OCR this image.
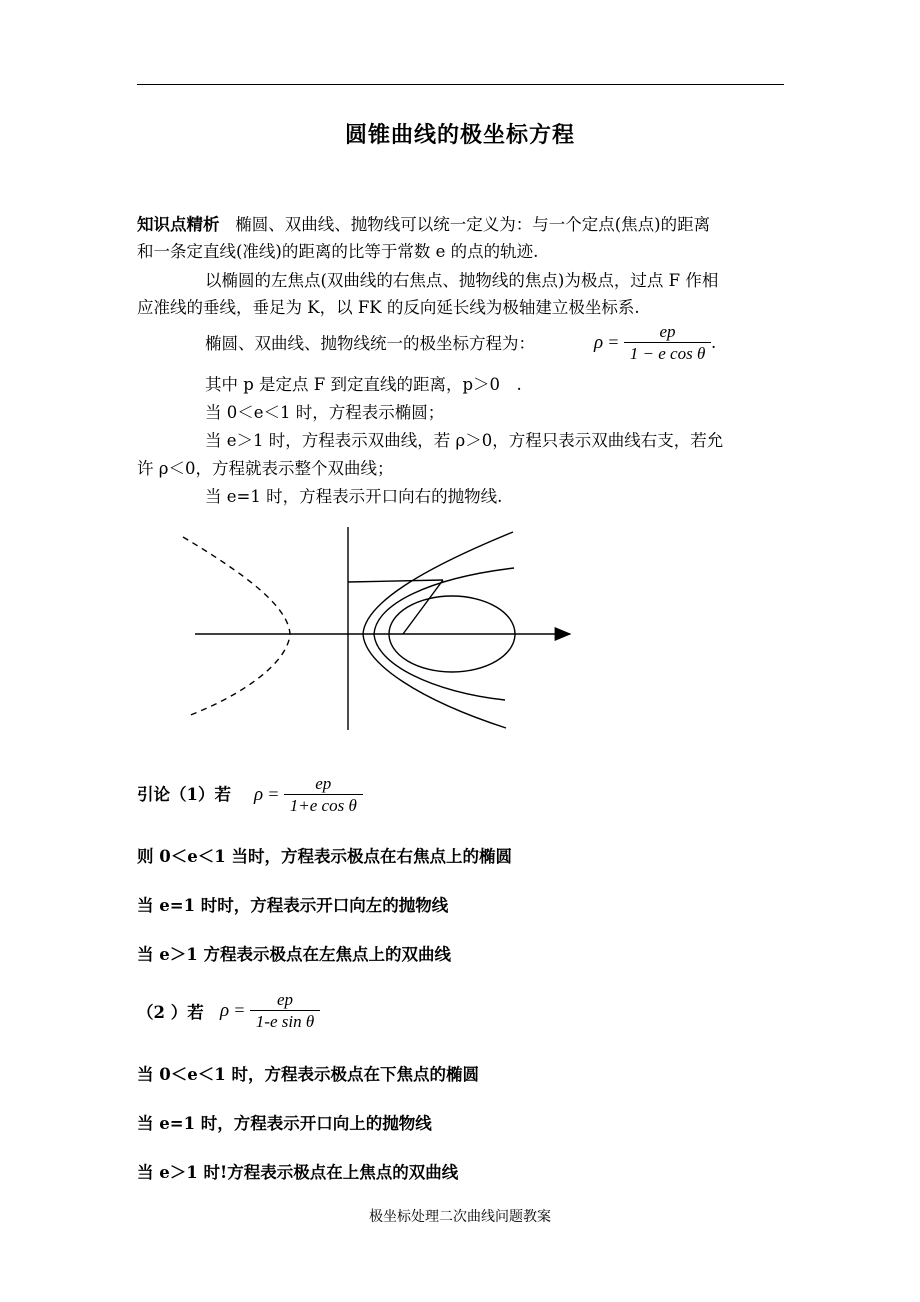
圆锥曲线的极坐标方程
知识点精析 椭圆、双曲线、抛物线可以统一定义为：与一个定点(焦点)的距离
和一条定直线(准线)的距离的比等于常数 e 的点的轨迹.
以椭圆的左焦点(双曲线的右焦点、抛物线的焦点)为极点，过点 F 作相
应准线的垂线，垂足为 K，以 FK 的反向延长线为极轴建立极坐标系.
椭圆、双曲线、抛物线统一的极坐标方程为：	$\rho = \frac{ep}{\text{1 − e cos θ}}$ .
其中 p 是定点 F 到定直线的距离，p＞0　.
当 0＜e＜1 时，方程表示椭圆；
当 e＞1 时，方程表示双曲线，若 ρ＞0，方程只表示双曲线右支，若允
许 ρ＜0，方程就表示整个双曲线；
当 e=1 时，方程表示开口向右的抛物线.
引论（1）若 $\rho = \frac{ep}{\text{1+e cos θ}}$
则 0＜e＜1 当时，方程表示极点在右焦点上的椭圆
当 e=1 时时，方程表示开口向左的抛物线
当 e＞1 方程表示极点在左焦点上的双曲线
（2 ）若 $\rho = \frac{ep}{\text{1-e sin θ}}$
当 0＜e＜1 时，方程表示极点在下焦点的椭圆
当 e=1 时，方程表示开口向上的抛物线
当 e＞1 时!方程表示极点在上焦点的双曲线
极坐标处理二次曲线问题教案
